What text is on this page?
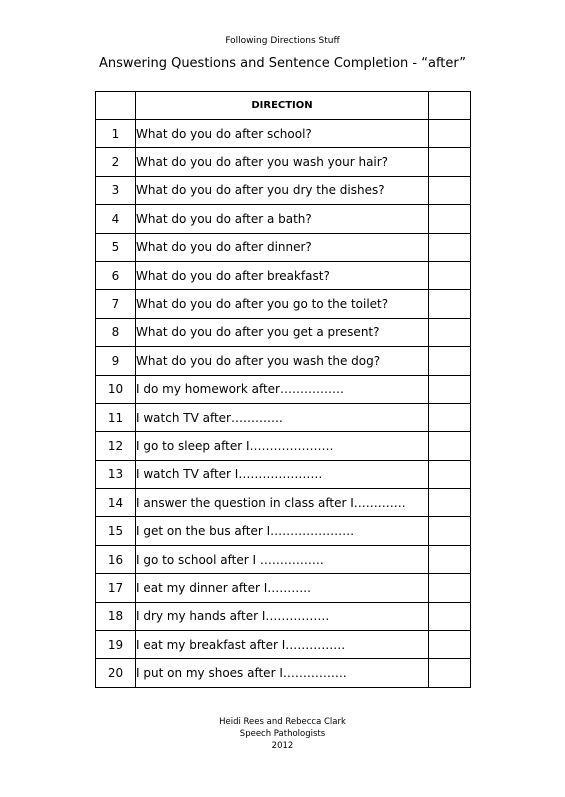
Following Directions Stuff
Answering Questions and Sentence Completion - “after”
	DIRECTION	
1	What do you do after school?	
2	What do you do after you wash your hair?	
3	What do you do after you dry the dishes?	
4	What do you do after a bath?	
5	What do you do after dinner?	
6	What do you do after breakfast?	
7	What do you do after you go to the toilet?	
8	What do you do after you get a present?	
9	What do you do after you wash the dog?	
10	I do my homework after…………….	
11	I watch TV after………….	
12	I go to sleep after I…………………	
13	I watch TV after I…………………	
14	I answer the question in class after I………….	
15	I get on the bus after I…………………	
16	I go to school after I …………….	
17	I eat my dinner after I………..	
18	I dry my hands after I…………….	
19	I eat my breakfast after I……………	
20	I put on my shoes after I…………….	
Heidi Rees and Rebecca Clark
Speech Pathologists
2012
